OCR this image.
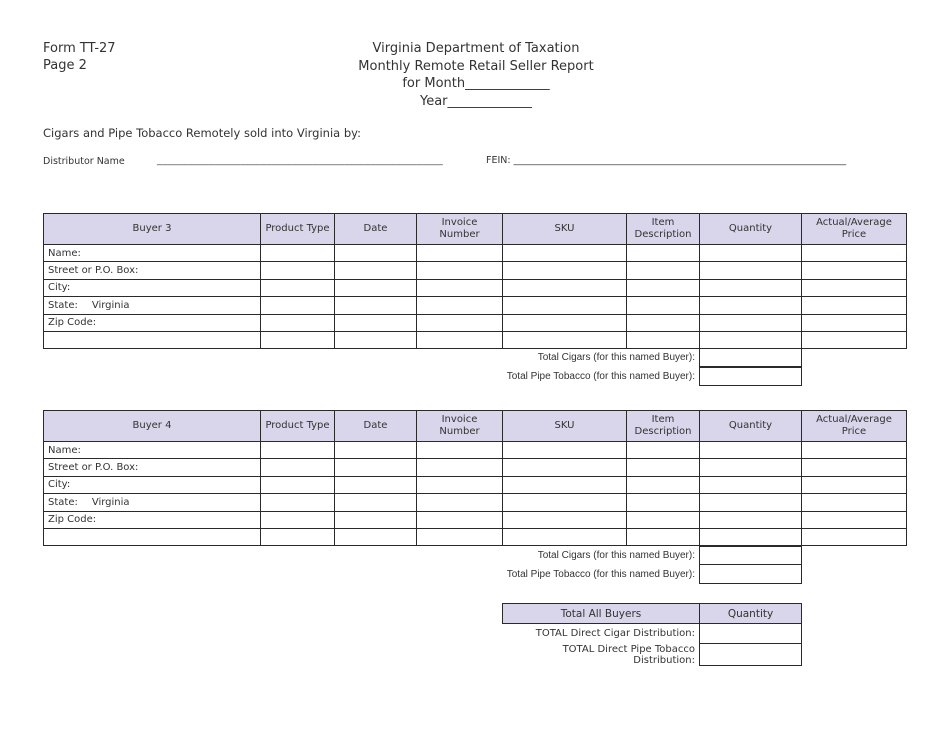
Form TT-27
Page 2
Virginia Department of Taxation
Monthly Remote Retail Seller Report
for Month_____________
Year_____________
Cigars and Pipe Tobacco Remotely sold into Virginia by:
Distributor Name	_______________________________________________________	FEIN: ______________________________________________________________________
Buyer 3	Product Type	Date	Invoice Number	SKU	Item Description	Quantity	Actual/Average Price
Name:							
Street or P.O. Box:							
City:							
State: Virginia							
Zip Code:							

Total Cigars (for this named Buyer):
Total Pipe Tobacco (for this named Buyer):
Buyer 4	Product Type	Date	Invoice Number	SKU	Item Description	Quantity	Actual/Average Price
Name:							
Street or P.O. Box:							
City:							
State: Virginia							
Zip Code:							

Total Cigars (for this named Buyer):
Total Pipe Tobacco (for this named Buyer):
Total All Buyers	Quantity
TOTAL Direct Cigar Distribution:	
TOTAL Direct Pipe Tobacco Distribution:	
